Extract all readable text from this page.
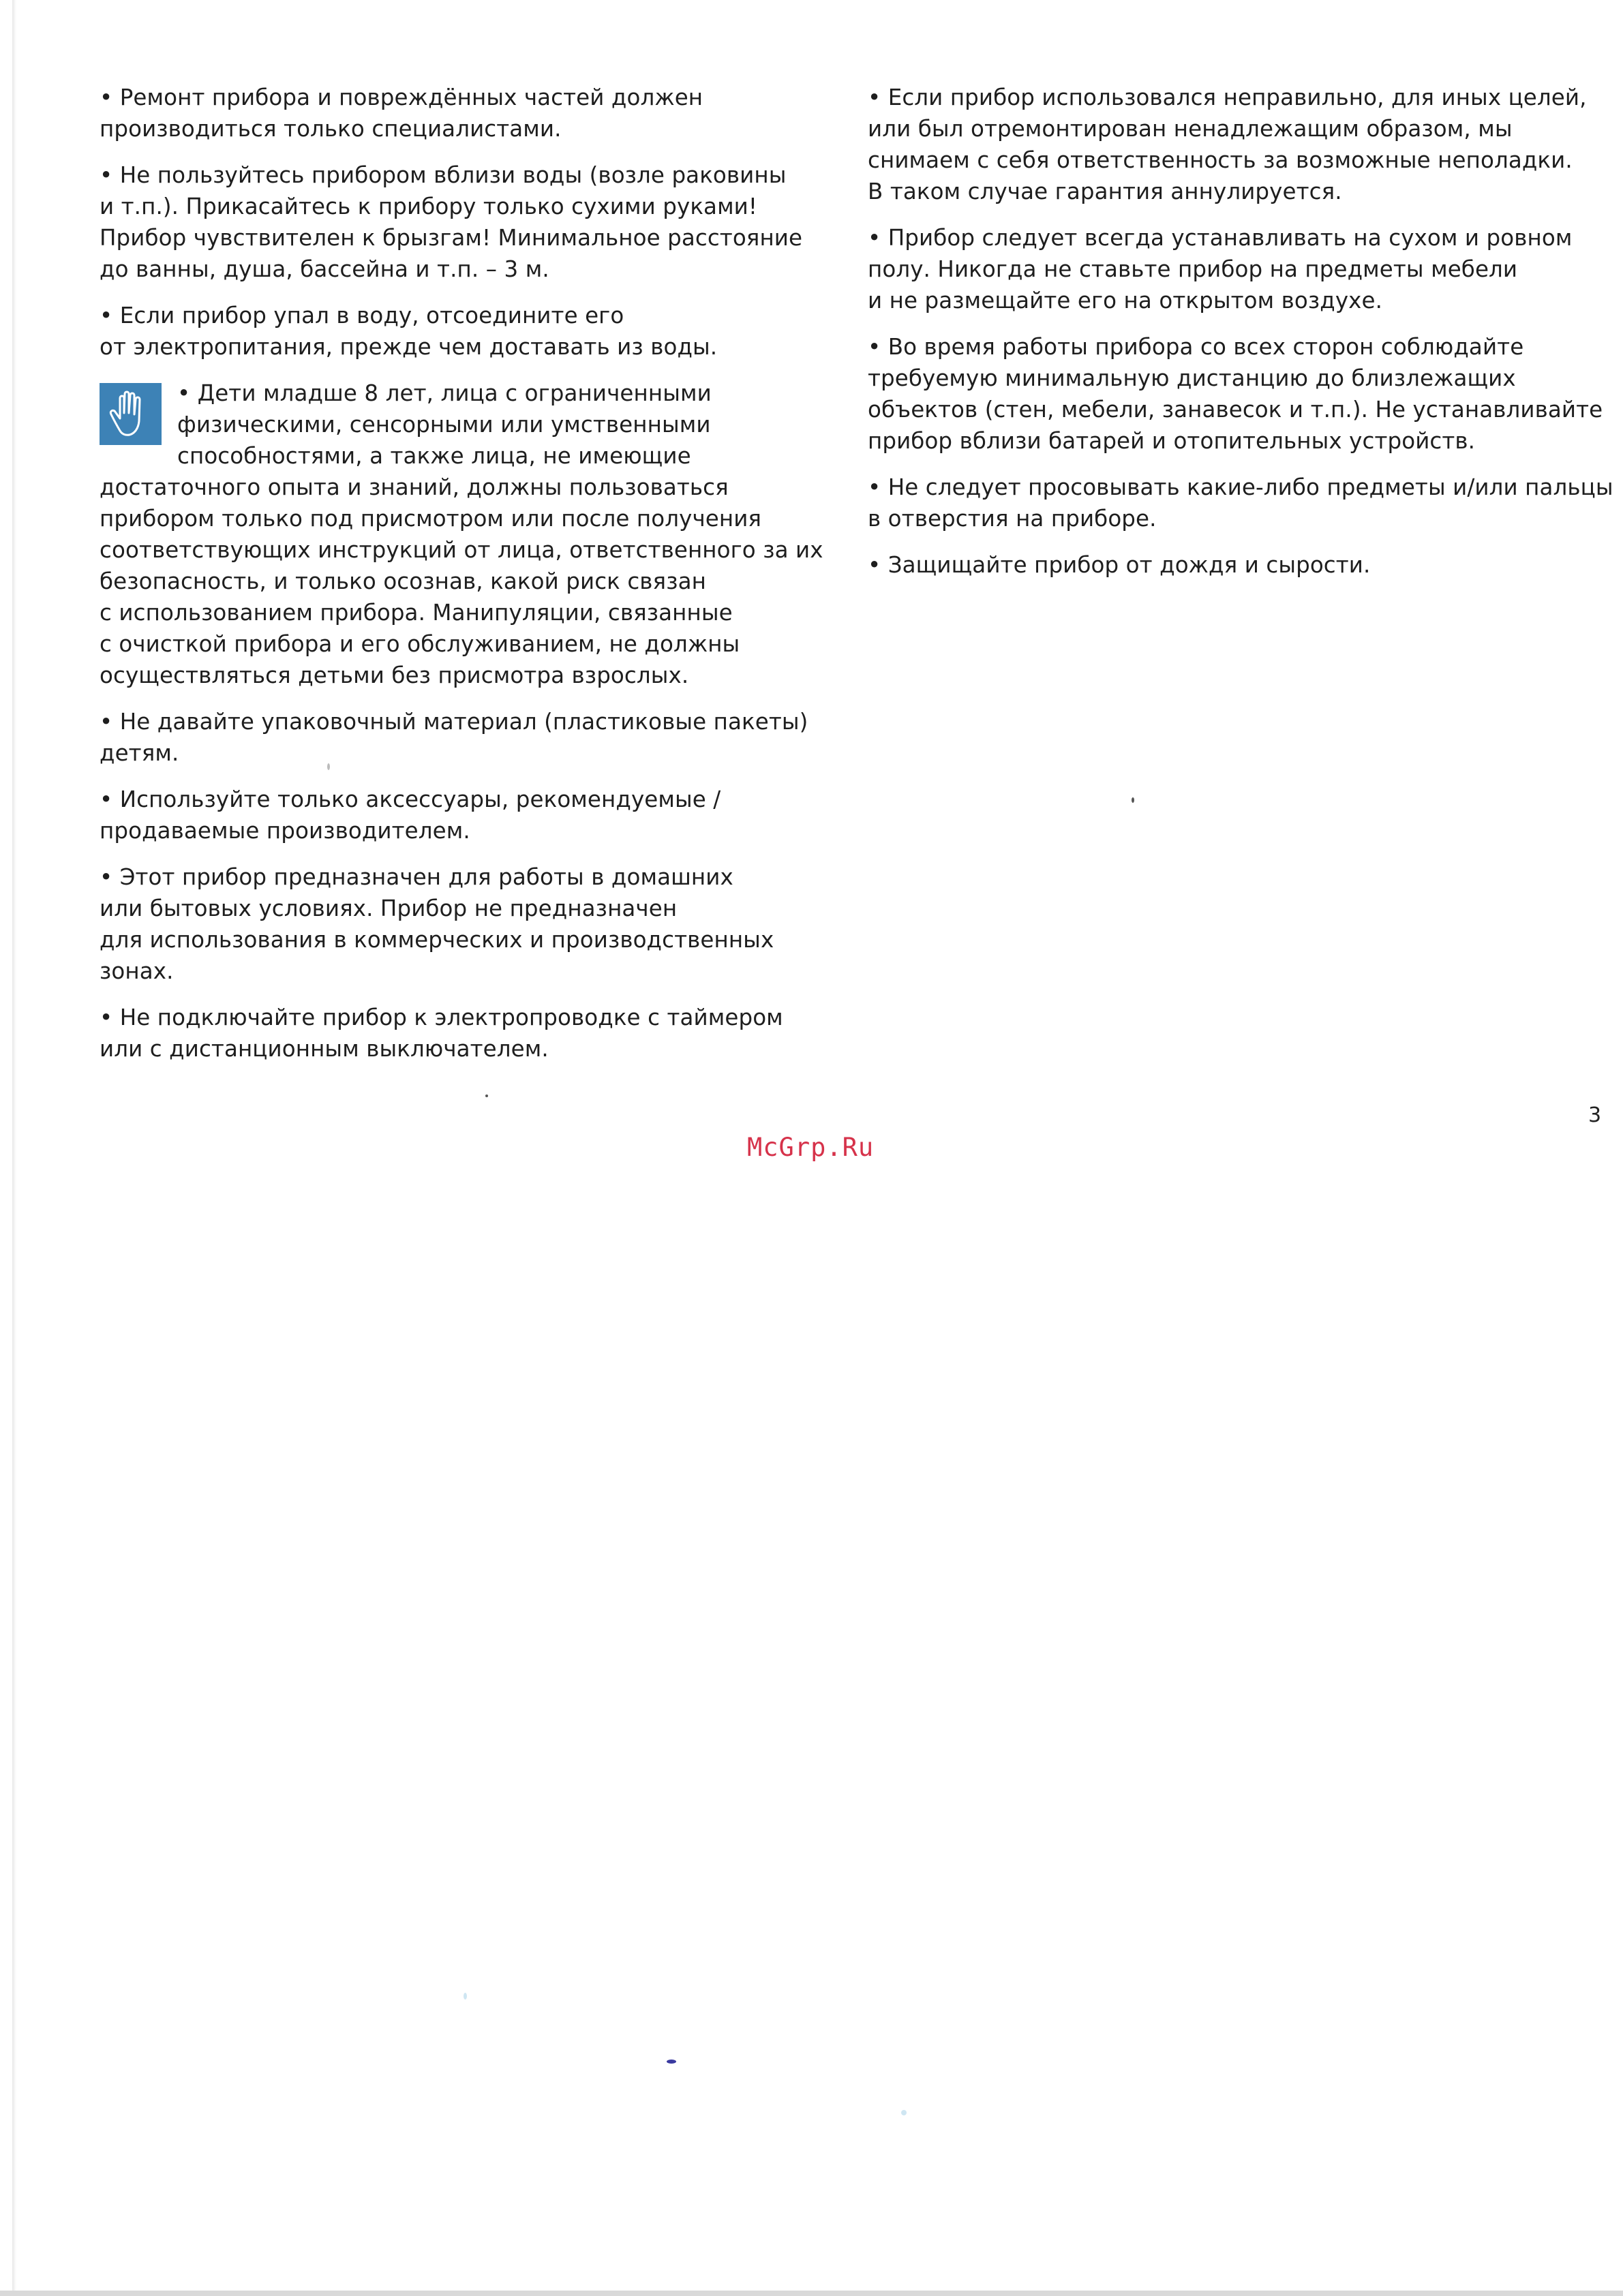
• Ремонт прибора и повреждённых частей должен
производиться только специалистами.
• Не пользуйтесь прибором вблизи воды (возле раковины
и т.п.). Прикасайтесь к прибору только сухими руками!
Прибор чувствителен к брызгам! Минимальное расстояние
до ванны, душа, бассейна и т.п. – 3 м.
• Если прибор упал в воду, отсоедините его
от электропитания, прежде чем доставать из воды.
• Дети младше 8 лет, лица с ограниченными
физическими, сенсорными или умственными
способностями, а также лица, не имеющие
достаточного опыта и знаний, должны пользоваться
прибором только под присмотром или после получения
соответствующих инструкций от лица, ответственного за их
безопасность, и только осознав, какой риск связан
с использованием прибора. Манипуляции, связанные
с очисткой прибора и его обслуживанием, не должны
осуществляться детьми без присмотра взрослых.
• Не давайте упаковочный материал (пластиковые пакеты)
детям.
• Используйте только аксессуары, рекомендуемые /
продаваемые производителем.
• Этот прибор предназначен для работы в домашних
или бытовых условиях. Прибор не предназначен
для использования в коммерческих и производственных
зонах.
• Не подключайте прибор к электропроводке с таймером
или с дистанционным выключателем.
• Если прибор использовался неправильно, для иных целей,
или был отремонтирован ненадлежащим образом, мы
снимаем с себя ответственность за возможные неполадки.
В таком случае гарантия аннулируется.
• Прибор следует всегда устанавливать на сухом и ровном
полу. Никогда не ставьте прибор на предметы мебели
и не размещайте его на открытом воздухе.
• Во время работы прибора со всех сторон соблюдайте
требуемую минимальную дистанцию до близлежащих
объектов (стен, мебели, занавесок и т.п.). Не устанавливайте
прибор вблизи батарей и отопительных устройств.
• Не следует просовывать какие-либо предметы и/или пальцы
в отверстия на приборе.
• Защищайте прибор от дождя и сырости.
3
McGrp.Ru
